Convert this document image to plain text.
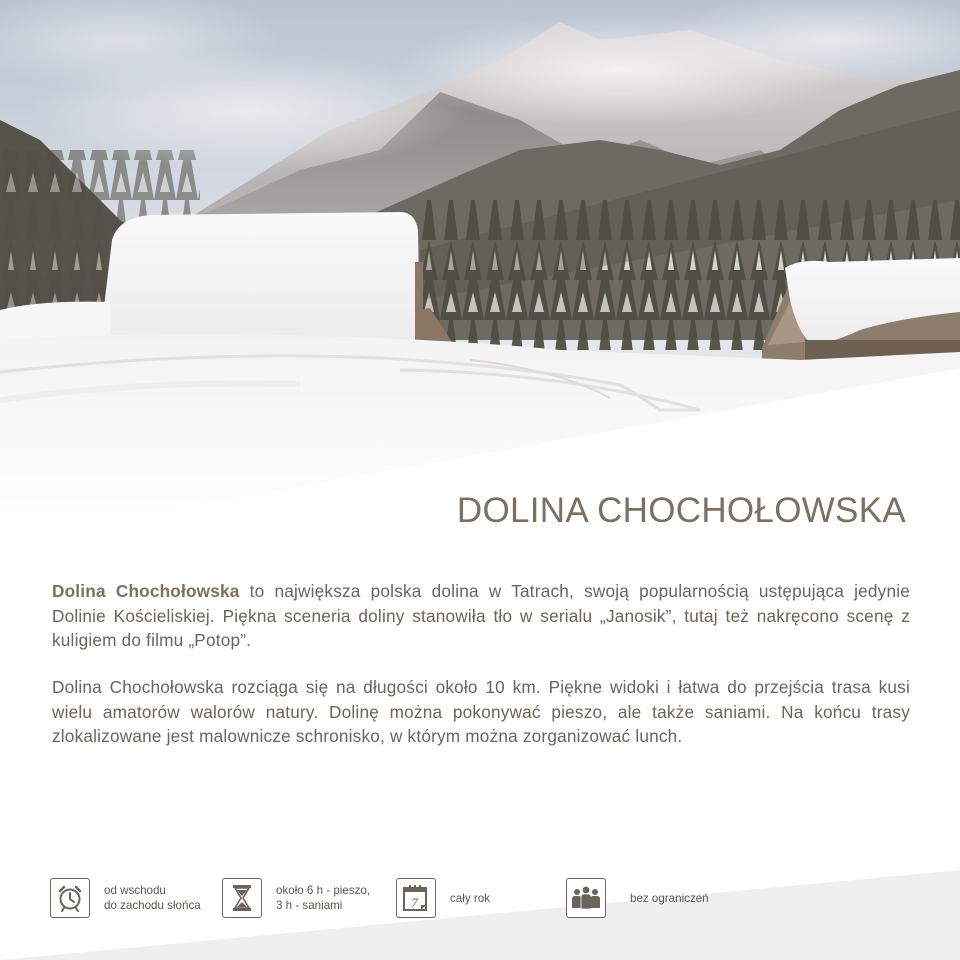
DOLINA CHOCHOŁOWSKA

Dolina Chochołowska to największa polska dolina w Tatrach, swoją popularnością ustępująca jedynie Dolinie Kościeliskiej. Piękna sceneria doliny stanowiła tło w serialu „Janosik”, tutaj też nakręcono scenę z kuligiem do filmu „Potop”.

Dolina Chochołowska rozciąga się na długości około 10 km. Piękne widoki i łatwa do przejścia trasa kusi wielu amatorów walorów natury. Dolinę można pokonywać pieszo, ale także saniami. Na końcu trasy zlokalizowane jest malownicze schronisko, w którym można zorganizować lunch.

od wschodu
do zachodu słońca
około 6 h - pieszo,
3 h - saniami	7	cały rok	bez ograniczeń
